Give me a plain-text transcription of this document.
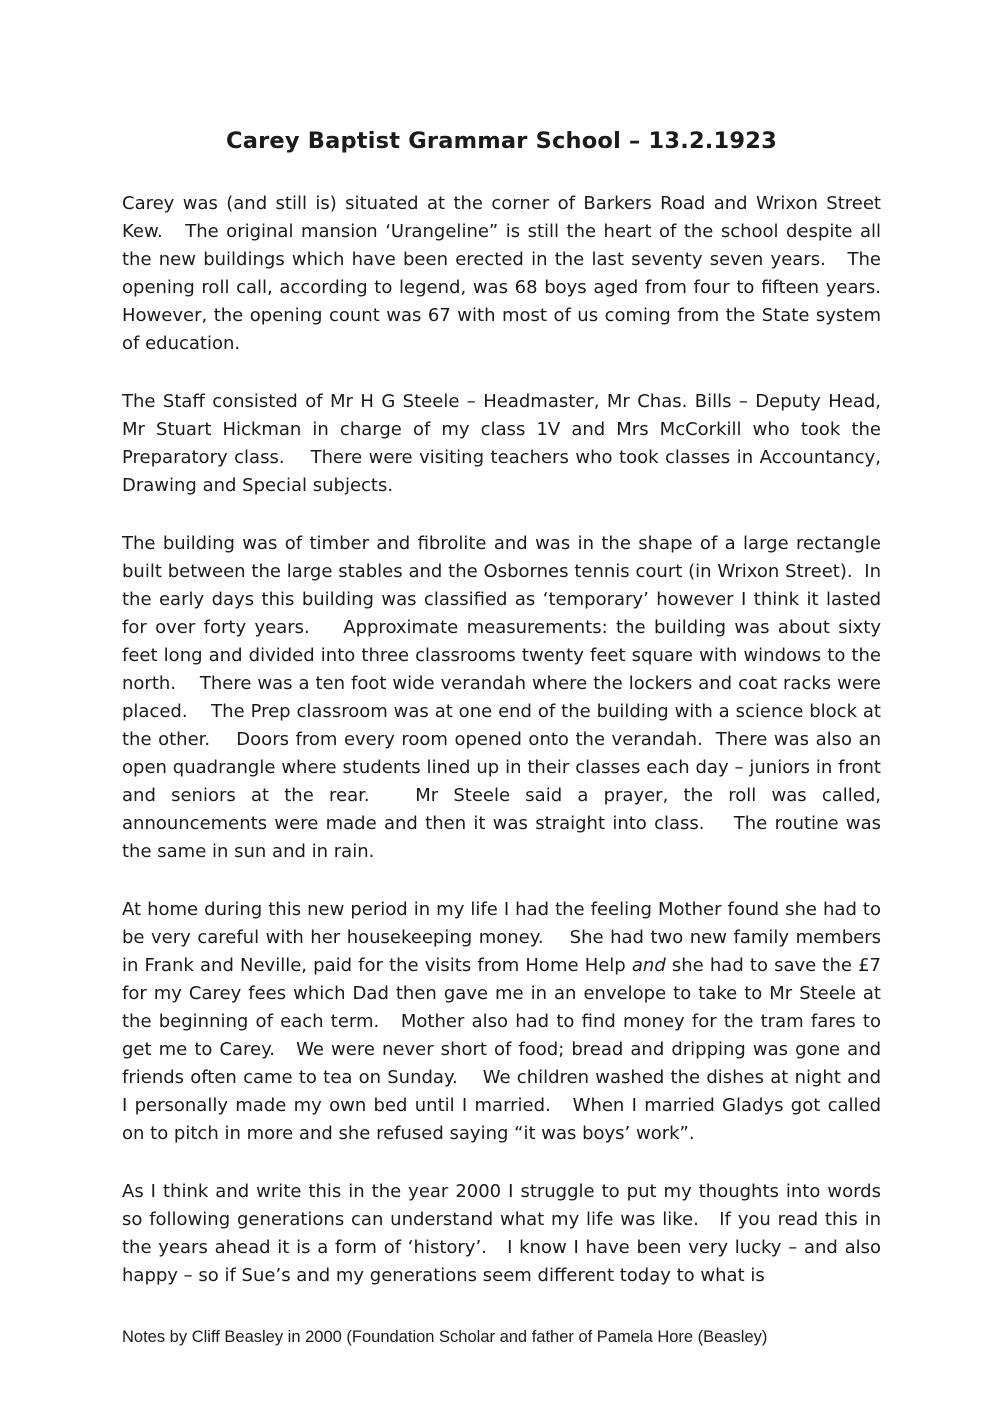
Carey Baptist Grammar School – 13.2.1923

Carey was (and still is) situated at the corner of Barkers Road and Wrixon Street Kew.   The original mansion ‘Urangeline” is still the heart of the school despite all the new buildings which have been erected in the last seventy seven years.   The opening roll call, according to legend, was 68 boys aged from four to fifteen years.  However, the opening count was 67 with most of us coming from the State system of education.

The Staff consisted of Mr H G Steele – Headmaster, Mr Chas. Bills – Deputy Head, Mr Stuart Hickman in charge of my class 1V and Mrs McCorkill who took the Preparatory class.    There were visiting teachers who took classes in Accountancy, Drawing and Special subjects.

The building was of timber and fibrolite and was in the shape of a large rectangle built between the large stables and the Osbornes tennis court (in Wrixon Street).  In the early days this building was classified as ‘temporary’ however I think it lasted for over forty years.    Approximate measurements: the building was about sixty feet long and divided into three classrooms twenty feet square with windows to the north.    There was a ten foot wide verandah where the lockers and coat racks were placed.    The Prep classroom was at one end of the building with a science block at the other.    Doors from every room opened onto the verandah.  There was also an open quadrangle where students lined up in their classes each day – juniors in front and seniors at the rear.   Mr Steele said a prayer, the roll was called, announcements were made and then it was straight into class.    The routine was the same in sun and in rain.

At home during this new period in my life I had the feeling Mother found she had to be very careful with her housekeeping money.    She had two new family members in Frank and Neville, paid for the visits from Home Help and she had to save the £7 for my Carey fees which Dad then gave me in an envelope to take to Mr Steele at the beginning of each term.   Mother also had to find money for the tram fares to get me to Carey.   We were never short of food; bread and dripping was gone and friends often came to tea on Sunday.    We children washed the dishes at night and I personally made my own bed until I married.   When I married Gladys got called on to pitch in more and she refused saying “it was boys’ work”.

As I think and write this in the year 2000 I struggle to put my thoughts into words so following generations can understand what my life was like.   If you read this in the years ahead it is a form of ‘history’.   I know I have been very lucky – and also happy – so if Sue’s and my generations seem different today to what is

Notes by Cliff Beasley in 2000 (Foundation Scholar and father of Pamela Hore (Beasley)
